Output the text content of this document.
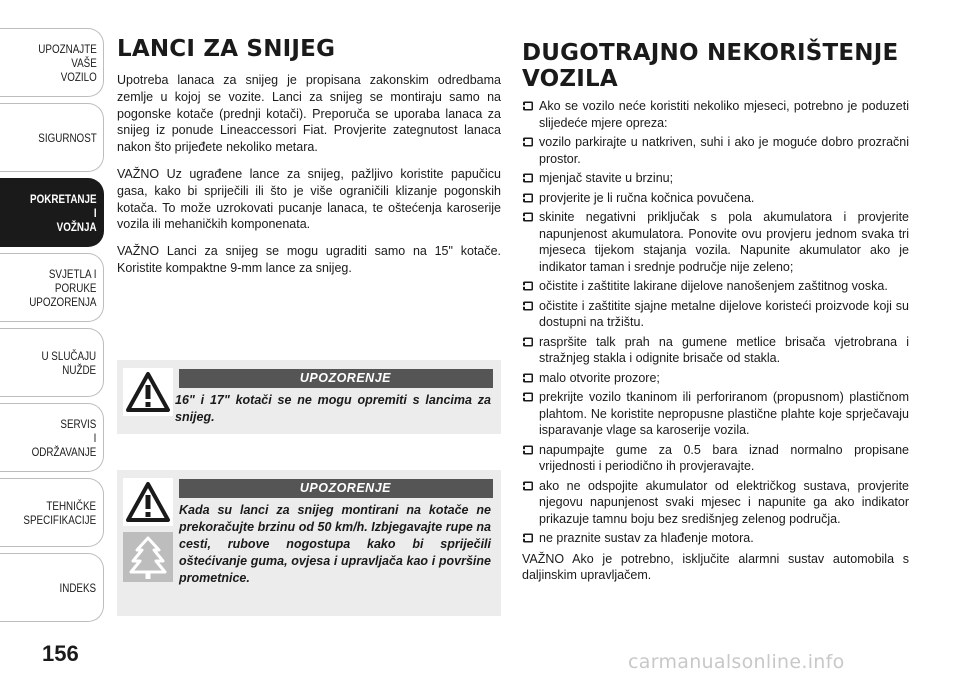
UPOZNAJTE
VAŠE
VOZILO
SIGURNOST
POKRETANJE
I
VOŽNJA
SVJETLA I
PORUKE
UPOZORENJA
U SLUČAJU
NUŽDE
SERVIS
I
ODRŽAVANJE
TEHNIČKE
SPECIFIKACIJE
INDEKS
156
LANCI ZA SNIJEG

Upotreba lanaca za snijeg je propisana zakonskim odredbama zemlje u kojoj se vozite. Lanci za snijeg se montiraju samo na pogonske kotače (prednji kotači). Preporuča se uporaba lanaca za snijeg iz ponude Lineaccessori Fiat. Provjerite zategnutost lanaca nakon što prijeđete nekoliko metara.

VAŽNO Uz ugrađene lance za snijeg, pažljivo koristite papučicu gasa, kako bi spriječili ili što je više ograničili klizanje pogonskih kotača. To može uzrokovati pucanje lanaca, te oštećenja karoserije vozila ili mehaničkih komponenata.

VAŽNO Lanci za snijeg se mogu ugraditi samo na 15" kotače. Koristite kompaktne 9-mm lance za snijeg.

UPOZORENJE
16" i 17" kotači se ne mogu opremiti s lancima za snijeg.
UPOZORENJE
Kada su lanci za snijeg montirani na kotače ne prekoračujte brzinu od 50 km/h. Izbjegavajte rupe na cesti, rubove nogostupa kako bi spriječili oštećivanje guma, ovjesa i upravljača kao i površine prometnice.
DUGOTRAJNO NEKORIŠTENJE
VOZILA
Ako se vozilo neće koristiti nekoliko mjeseci, potrebno je poduzeti slijedeće mjere opreza:
vozilo parkirajte u natkriven, suhi i ako je moguće dobro prozračni prostor.
mjenjač stavite u brzinu;
provjerite je li ručna kočnica povučena.
skinite negativni priključak s pola akumulatora i provjerite napunjenost akumulatora. Ponovite ovu provjeru jednom svaka tri mjeseca tijekom stajanja vozila. Napunite akumulator ako je indikator taman i srednje područje nije zeleno;
očistite i zaštitite lakirane dijelove nanošenjem zaštitnog voska.
očistite i zaštitite sjajne metalne dijelove koristeći proizvode koji su dostupni na tržištu.
raspršite talk prah na gumene metlice brisača vjetrobrana i stražnjeg stakla i odignite brisače od stakla.
malo otvorite prozore;
prekrijte vozilo tkaninom ili perforiranom (propusnom) plastičnom plahtom. Ne koristite nepropusne plastične plahte koje sprječavaju isparavanje vlage sa karoserije vozila.
napumpajte gume za 0.5 bara iznad normalno propisane vrijednosti i periodično ih provjeravajte.
ako ne odspojite akumulator od električkog sustava, provjerite njegovu napunjenost svaki mjesec i napunite ga ako indikator prikazuje tamnu boju bez središnjeg zelenog područja.
ne praznite sustav za hlađenje motora.

VAŽNO Ako je potrebno, isključite alarmni sustav automobila s daljinskim upravljačem.

carmanualsonline.info
